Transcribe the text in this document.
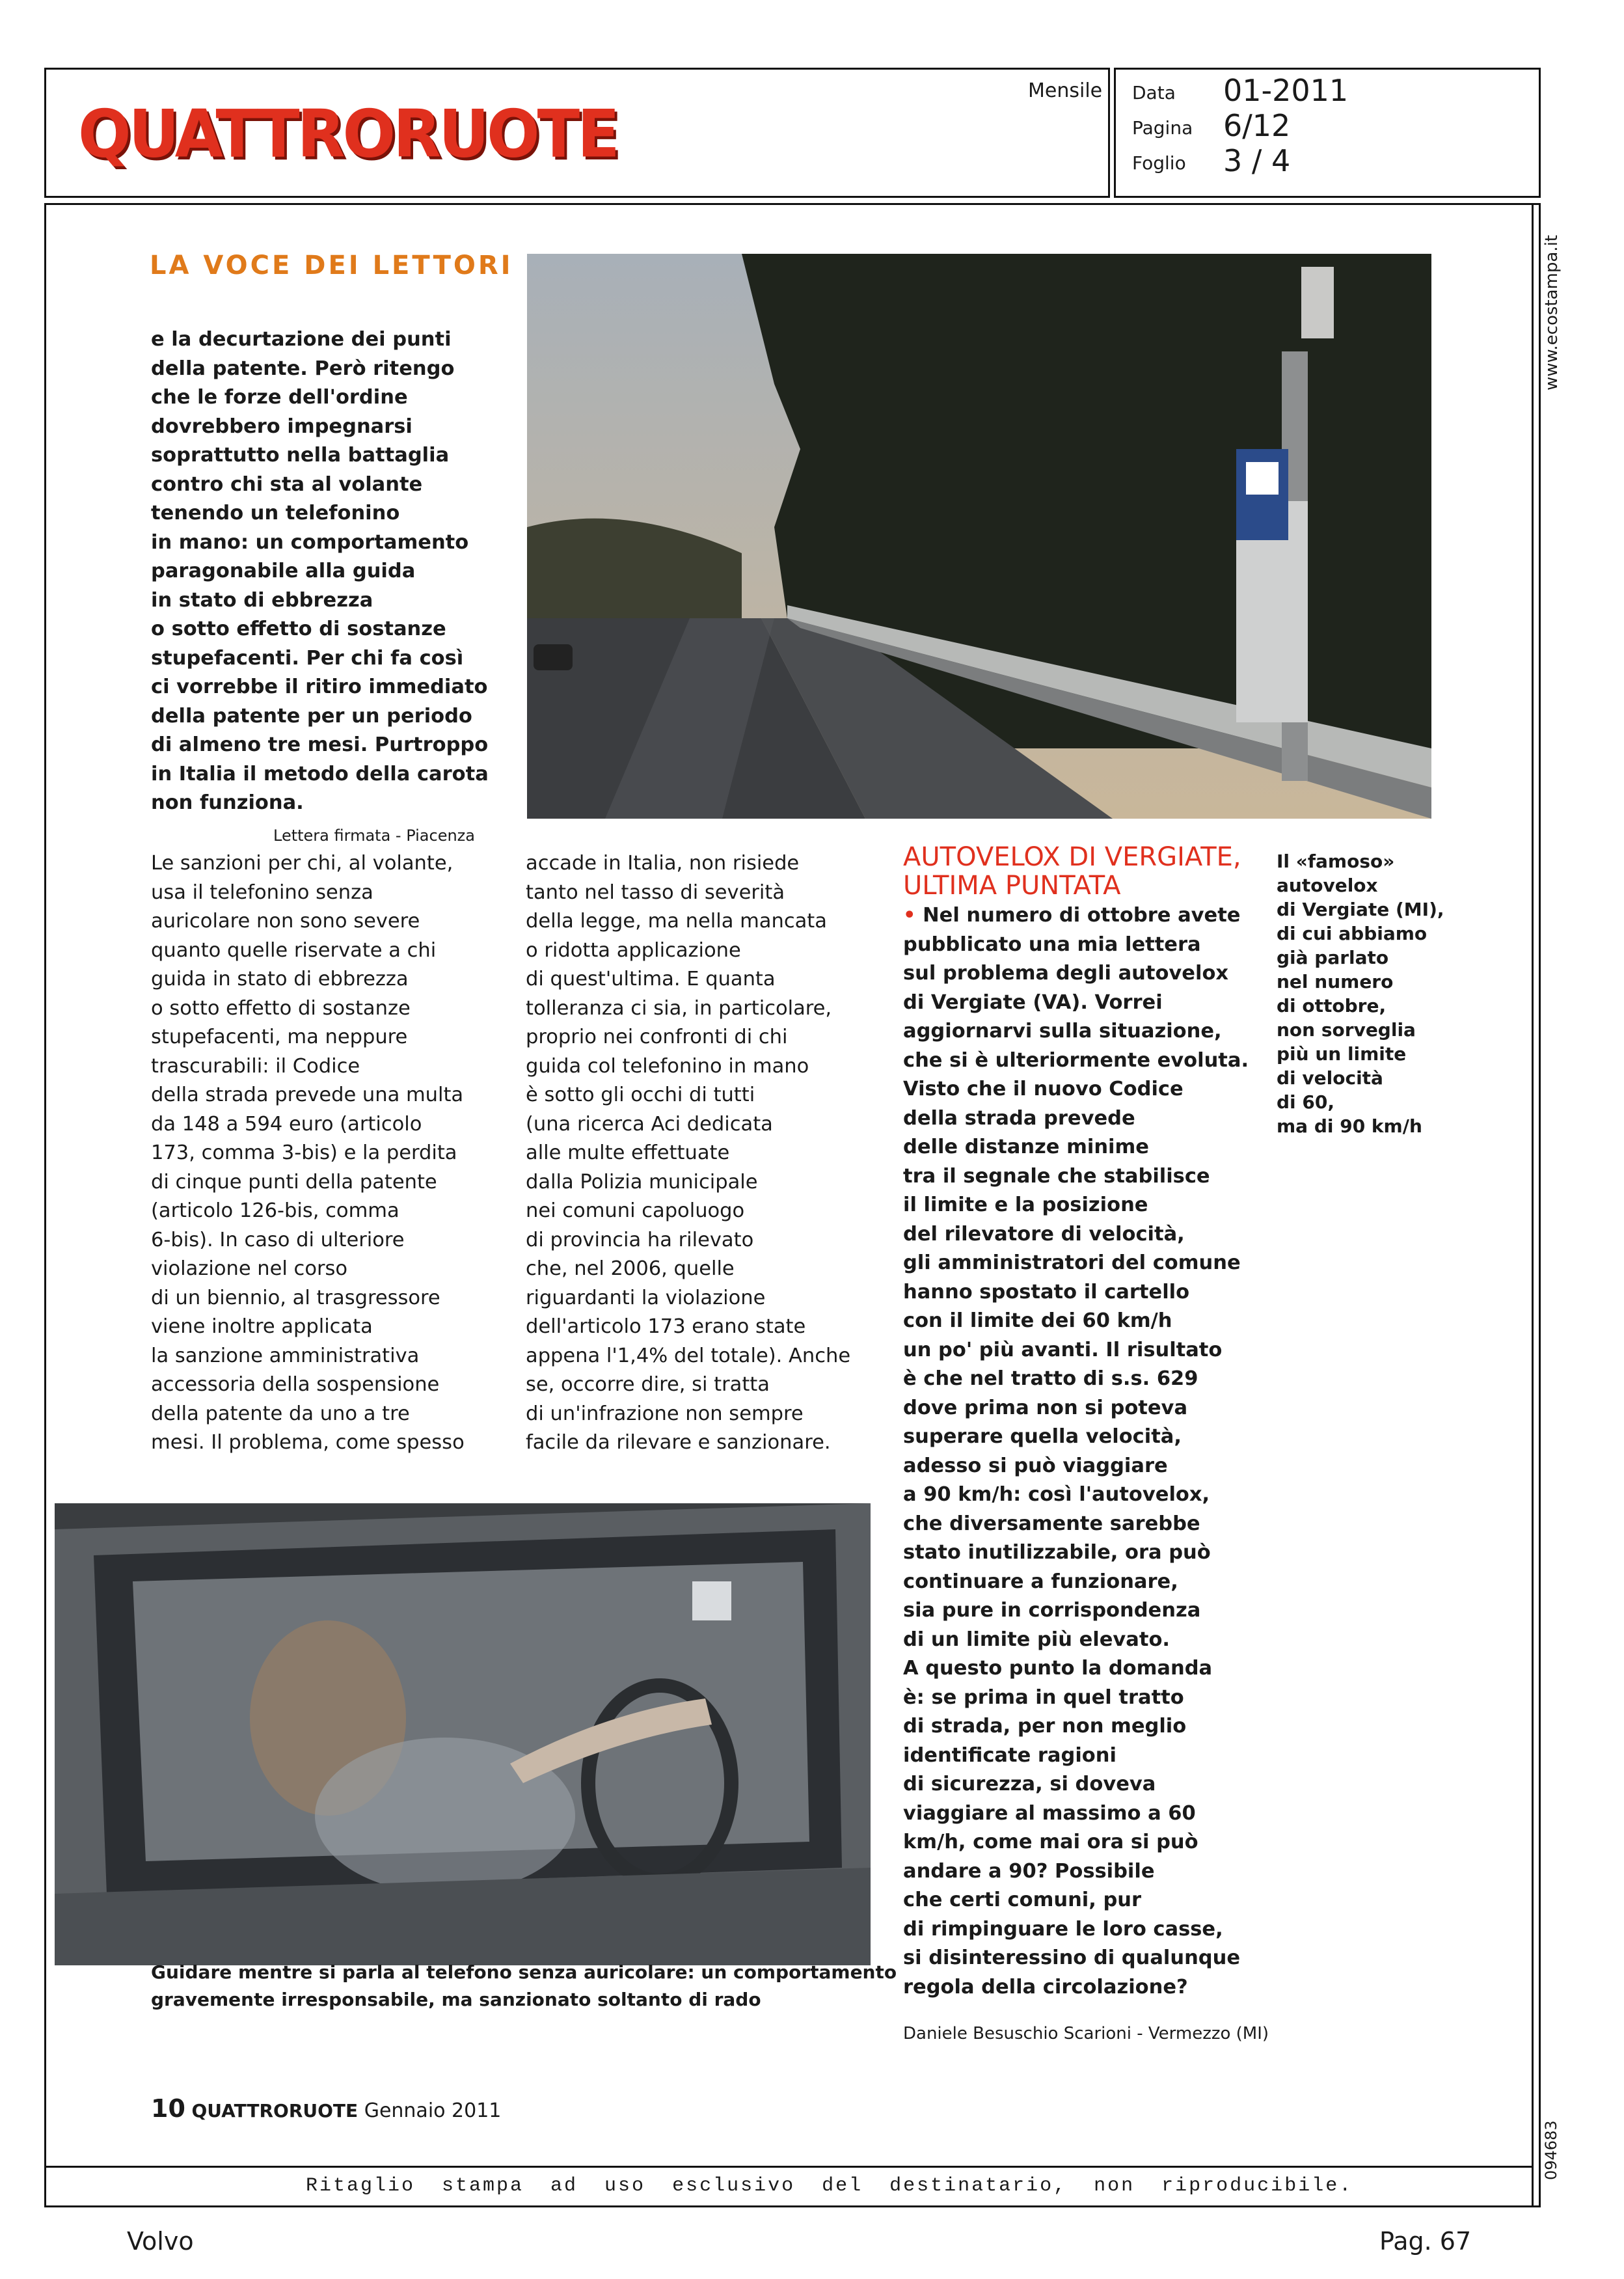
QUATTRORUOTE
Mensile Data 01-2011
Pagina 6/12
Foglio 3 / 4
www.ecostampa.it
094683
LA VOCE DEI LETTORI
e la decurtazione dei punti
della patente. Però ritengo
che le forze dell'ordine
dovrebbero impegnarsi
soprattutto nella battaglia
contro chi sta al volante
tenendo un telefonino
in mano: un comportamento
paragonabile alla guida
in stato di ebbrezza
o sotto effetto di sostanze
stupefacenti. Per chi fa così
ci vorrebbe il ritiro immediato
della patente per un periodo
di almeno tre mesi. Purtroppo
in Italia il metodo della carota
non funziona.
Lettera firmata - Piacenza
Le sanzioni per chi, al volante,
usa il telefonino senza
auricolare non sono severe
quanto quelle riservate a chi
guida in stato di ebbrezza
o sotto effetto di sostanze
stupefacenti, ma neppure
trascurabili: il Codice
della strada prevede una multa
da 148 a 594 euro (articolo
173, comma 3-bis) e la perdita
di cinque punti della patente
(articolo 126-bis, comma
6-bis). In caso di ulteriore
violazione nel corso
di un biennio, al trasgressore
viene inoltre applicata
la sanzione amministrativa
accessoria della sospensione
della patente da uno a tre
mesi. Il problema, come spesso
accade in Italia, non risiede
tanto nel tasso di severità
della legge, ma nella mancata
o ridotta applicazione
di quest'ultima. E quanta
tolleranza ci sia, in particolare,
proprio nei confronti di chi
guida col telefonino in mano
è sotto gli occhi di tutti
(una ricerca Aci dedicata
alle multe effettuate
dalla Polizia municipale
nei comuni capoluogo
di provincia ha rilevato
che, nel 2006, quelle
riguardanti la violazione
dell'articolo 173 erano state
appena l'1,4% del totale). Anche
se, occorre dire, si tratta
di un'infrazione non sempre
facile da rilevare e sanzionare.
AUTOVELOX DI VERGIATE,
ULTIMA PUNTATA
• Nel numero di ottobre avete
pubblicato una mia lettera
sul problema degli autovelox
di Vergiate (VA). Vorrei
aggiornarvi sulla situazione,
che si è ulteriormente evoluta.
Visto che il nuovo Codice
della strada prevede
delle distanze minime
tra il segnale che stabilisce
il limite e la posizione
del rilevatore di velocità,
gli amministratori del comune
hanno spostato il cartello
con il limite dei 60 km/h
un po' più avanti. Il risultato
è che nel tratto di s.s. 629
dove prima non si poteva
superare quella velocità,
adesso si può viaggiare
a 90 km/h: così l'autovelox,
che diversamente sarebbe
stato inutilizzabile, ora può
continuare a funzionare,
sia pure in corrispondenza
di un limite più elevato.
A questo punto la domanda
è: se prima in quel tratto
di strada, per non meglio
identificate ragioni
di sicurezza, si doveva
viaggiare al massimo a 60
km/h, come mai ora si può
andare a 90? Possibile
che certi comuni, pur
di rimpinguare le loro casse,
si disinteressino di qualunque
regola della circolazione?
Daniele Besuschio Scarioni - Vermezzo (MI)
Il «famoso»
autovelox
di Vergiate (MI),
di cui abbiamo
già parlato
nel numero
di ottobre,
non sorveglia
più un limite
di velocità
di 60,
ma di 90 km/h
Guidare mentre si parla al telefono senza auricolare: un comportamento
gravemente irresponsabile, ma sanzionato soltanto di rado
10 QUATTRORUOTE Gennaio 2011
Ritaglio stampa ad uso esclusivo del destinatario, non riproducibile.
Volvo	Pag. 67
